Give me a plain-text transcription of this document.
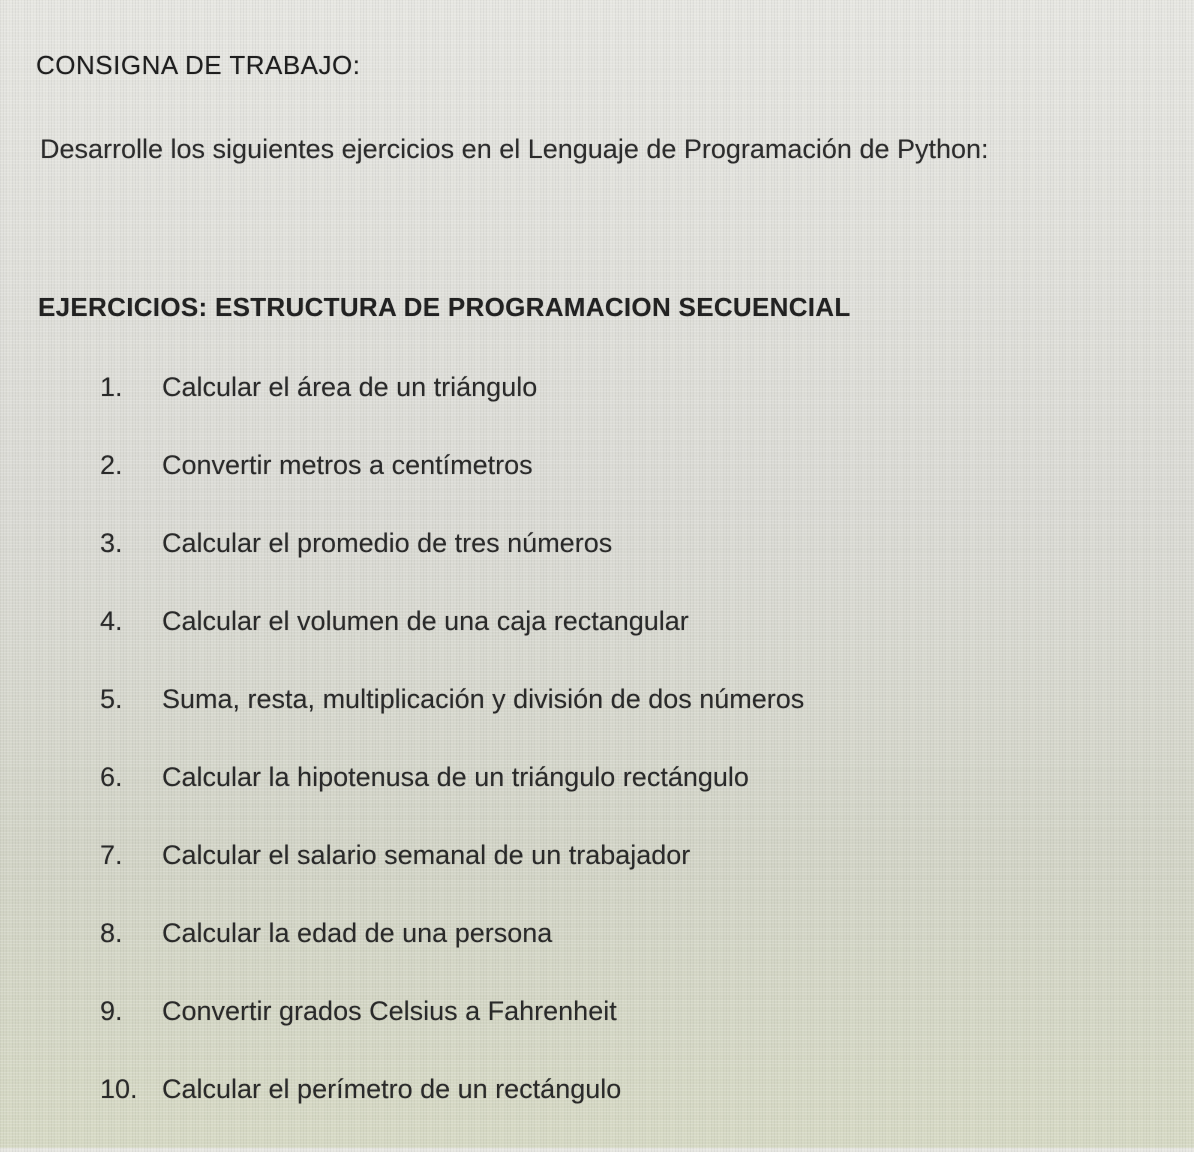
CONSIGNA DE TRABAJO:
Desarrolle los siguientes ejercicios en el Lenguaje de Programación de Python:
EJERCICIOS: ESTRUCTURA DE PROGRAMACION SECUENCIAL
1. Calcular el área de un triángulo
2. Convertir metros a centímetros
3. Calcular el promedio de tres números
4. Calcular el volumen de una caja rectangular
5. Suma, resta, multiplicación y división de dos números
6. Calcular la hipotenusa de un triángulo rectángulo
7. Calcular el salario semanal de un trabajador
8. Calcular la edad de una persona
9. Convertir grados Celsius a Fahrenheit
10. Calcular el perímetro de un rectángulo
